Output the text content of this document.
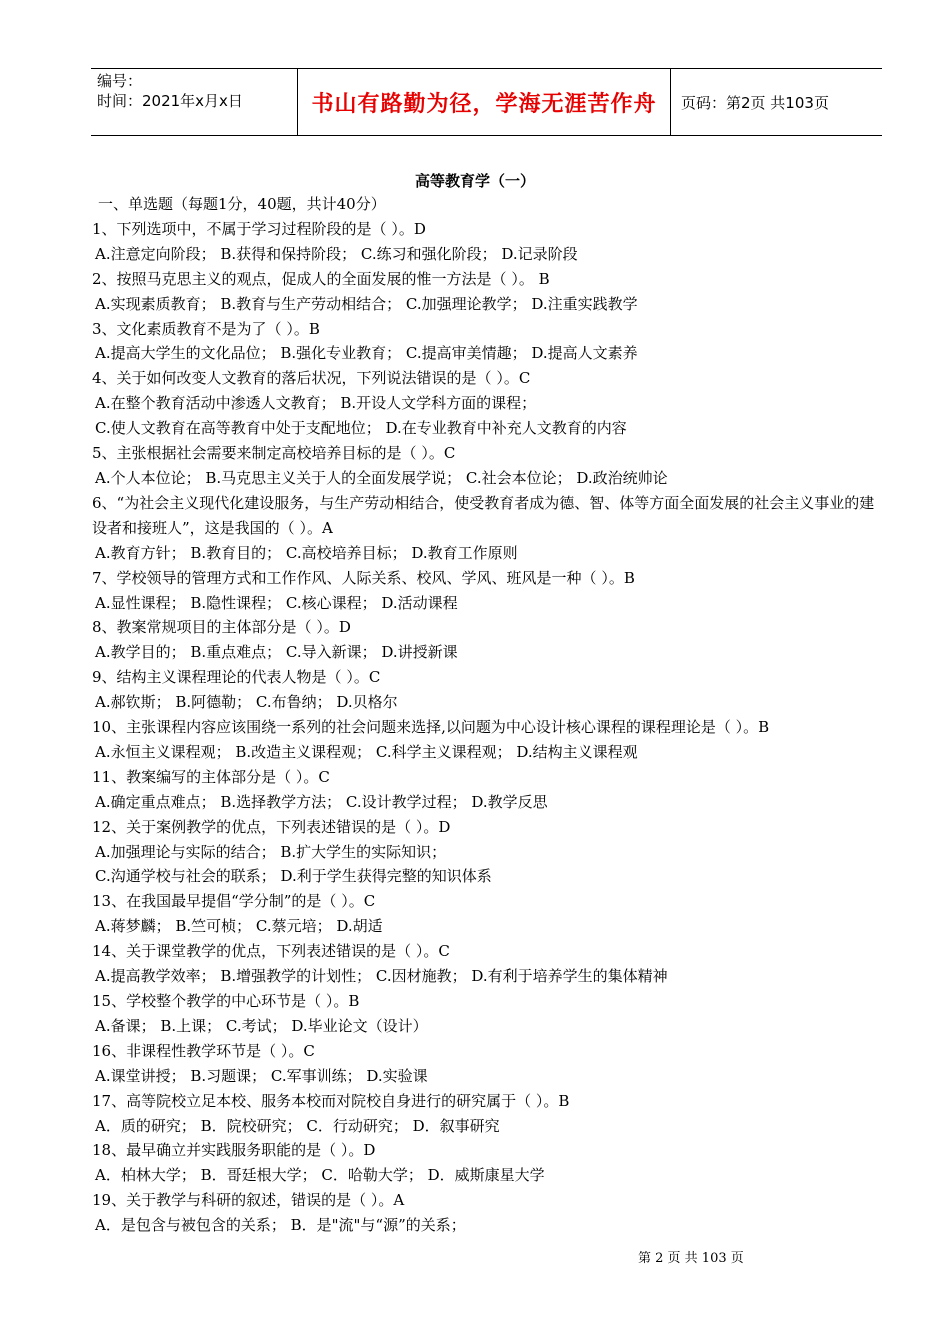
编号：
时间：2021年x月x日	书山有路勤为径，学海无涯苦作舟	页码：第2页 共103页
高等教育学（一）
一、单选题（每题1分，40题，共计40分）
1、下列选项中，不属于学习过程阶段的是（ ）。D
A.注意定向阶段； B.获得和保持阶段； C.练习和强化阶段； D.记录阶段
2、按照马克思主义的观点，促成人的全面发展的惟一方法是（ ）。 B
A.实现素质教育； B.教育与生产劳动相结合； C.加强理论教学； D.注重实践教学
3、文化素质教育不是为了（ ）。B
A.提高大学生的文化品位； B.强化专业教育； C.提高审美情趣； D.提高人文素养
4、关于如何改变人文教育的落后状况，下列说法错误的是（ ）。C
A.在整个教育活动中渗透人文教育； B.开设人文学科方面的课程；
C.使人文教育在高等教育中处于支配地位； D.在专业教育中补充人文教育的内容
5、主张根据社会需要来制定高校培养目标的是（ ）。C
A.个人本位论； B.马克思主义关于人的全面发展学说； C.社会本位论； D.政治统帅论
6、“为社会主义现代化建设服务，与生产劳动相结合，使受教育者成为德、智、体等方面全面发展的社会主义事业的建设者和接班人”，这是我国的（ ）。A
A.教育方针； B.教育目的； C.高校培养目标； D.教育工作原则
7、学校领导的管理方式和工作作风、人际关系、校风、学风、班风是一种（ ）。B
A.显性课程； B.隐性课程； C.核心课程； D.活动课程
8、教案常规项目的主体部分是（ ）。D
A.教学目的； B.重点难点； C.导入新课； D.讲授新课
9、结构主义课程理论的代表人物是（ ）。C
A.郝钦斯； B.阿德勒； C.布鲁纳； D.贝格尔
10、主张课程内容应该围绕一系列的社会问题来选择,以问题为中心设计核心课程的课程理论是（ ）。B
A.永恒主义课程观； B.改造主义课程观； C.科学主义课程观； D.结构主义课程观
11、教案编写的主体部分是（ ）。C
A.确定重点难点； B.选择教学方法； C.设计教学过程； D.教学反思
12、关于案例教学的优点，下列表述错误的是（ ）。D
A.加强理论与实际的结合； B.扩大学生的实际知识；
C.沟通学校与社会的联系； D.利于学生获得完整的知识体系
13、在我国最早提倡“学分制”的是（ ）。C
A.蒋梦麟； B.竺可桢； C.蔡元培； D.胡适
14、关于课堂教学的优点，下列表述错误的是（ ）。C
A.提高教学效率； B.增强教学的计划性； C.因材施教； D.有利于培养学生的集体精神
15、学校整个教学的中心环节是（ ）。B
A.备课； B.上课； C.考试； D.毕业论文（设计）
16、非课程性教学环节是（ ）。C
A.课堂讲授； B.习题课； C.军事训练； D.实验课
17、高等院校立足本校、服务本校而对院校自身进行的研究属于（ ）。B
A．质的研究； B．院校研究； C．行动研究； D．叙事研究
18、最早确立并实践服务职能的是（ ）。D
A．柏林大学； B．哥廷根大学； C．哈勒大学； D．威斯康星大学
19、关于教学与科研的叙述，错误的是（ ）。A
A．是包含与被包含的关系； B．是"流"与“源”的关系；
第 2 页 共 103 页
